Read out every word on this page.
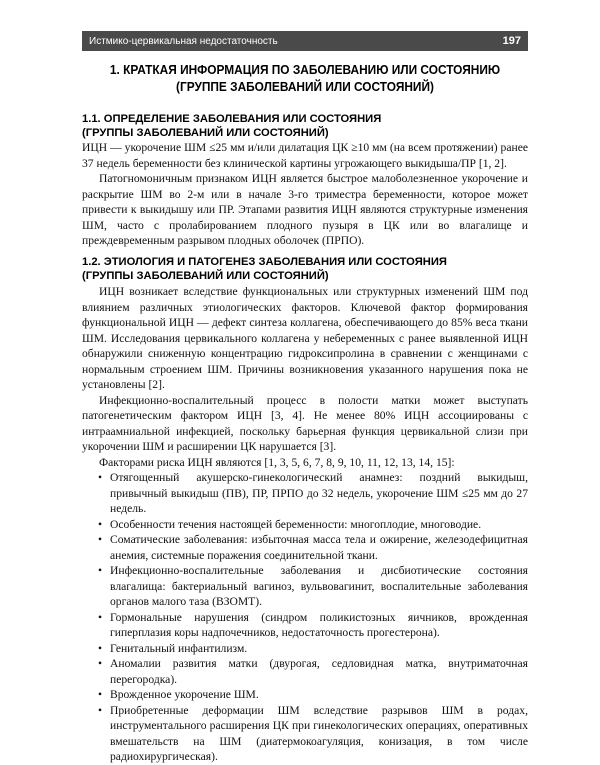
Истмико-цервикальная недостаточность	197
1. КРАТКАЯ ИНФОРМАЦИЯ ПО ЗАБОЛЕВАНИЮ ИЛИ СОСТОЯНИЮ
(ГРУППЕ ЗАБОЛЕВАНИЙ ИЛИ СОСТОЯНИЙ)
1.1. ОПРЕДЕЛЕНИЕ ЗАБОЛЕВАНИЯ ИЛИ СОСТОЯНИЯ
(ГРУППЫ ЗАБОЛЕВАНИЙ ИЛИ СОСТОЯНИЙ)

ИЦН — укорочение ШМ ≤25 мм и/или дилатация ЦК ≥10 мм (на всем протяжении) ранее 37 недель беременности без клинической картины угрожающего выкидыша/ПР [1, 2].

Патогномоничным признаком ИЦН является быстрое малоболезненное укорочение и раскрытие ШМ во 2-м или в начале 3-го триместра беременности, которое может привести к выкидышу или ПР. Этапами развития ИЦН являются структурные изменения ШМ, часто с пролабированием плодного пузыря в ЦК или во влагалище и преждевременным разрывом плодных оболочек (ПРПО).

1.2. ЭТИОЛОГИЯ И ПАТОГЕНЕЗ ЗАБОЛЕВАНИЯ ИЛИ СОСТОЯНИЯ
(ГРУППЫ ЗАБОЛЕВАНИЙ ИЛИ СОСТОЯНИЙ)

ИЦН возникает вследствие функциональных или структурных изменений ШМ под влиянием различных этиологических факторов. Ключевой фактор формирования функциональной ИЦН — дефект синтеза коллагена, обеспечивающего до 85% веса ткани ШМ. Исследования цервикального коллагена у небеременных с ранее выявленной ИЦН обнаружили сниженную концентрацию гидроксипролина в сравнении с женщинами с нормальным строением ШМ. Причины возникновения указанного нарушения пока не установлены [2].

Инфекционно-воспалительный процесс в полости матки может выступать патогенетическим фактором ИЦН [3, 4]. Не менее 80% ИЦН ассоциированы с интраамниальной инфекцией, поскольку барьерная функция цервикальной слизи при укорочении ШМ и расширении ЦК нарушается [3].

Факторами риска ИЦН являются [1, 3, 5, 6, 7, 8, 9, 10, 11, 12, 13, 14, 15]:

• Отягощенный акушерско-гинекологический анамнез: поздний выкидыш, привычный выкидыш (ПВ), ПР, ПРПО до 32 недель, укорочение ШМ ≤25 мм до 27 недель.
• Особенности течения настоящей беременности: многоплодие, многоводие.
• Соматические заболевания: избыточная масса тела и ожирение, железодефицитная анемия, системные поражения соединительной ткани.
• Инфекционно-воспалительные заболевания и дисбиотические состояния влагалища: бактериальный вагиноз, вульвовагинит, воспалительные заболевания органов малого таза (ВЗОМТ).
• Гормональные нарушения (синдром поликистозных яичников, врожденная гиперплазия коры надпочечников, недостаточность прогестерона).
• Генитальный инфантилизм.
• Аномалии развития матки (двурогая, седловидная матка, внутриматочная перегородка).
• Врожденное укорочение ШМ.
• Приобретенные деформации ШМ вследствие разрывов ШМ в родах, инструментального расширения ЦК при гинекологических операциях, оперативных вмешательств на ШМ (диатермокоагуляция, конизация, в том числе радиохирургическая).
